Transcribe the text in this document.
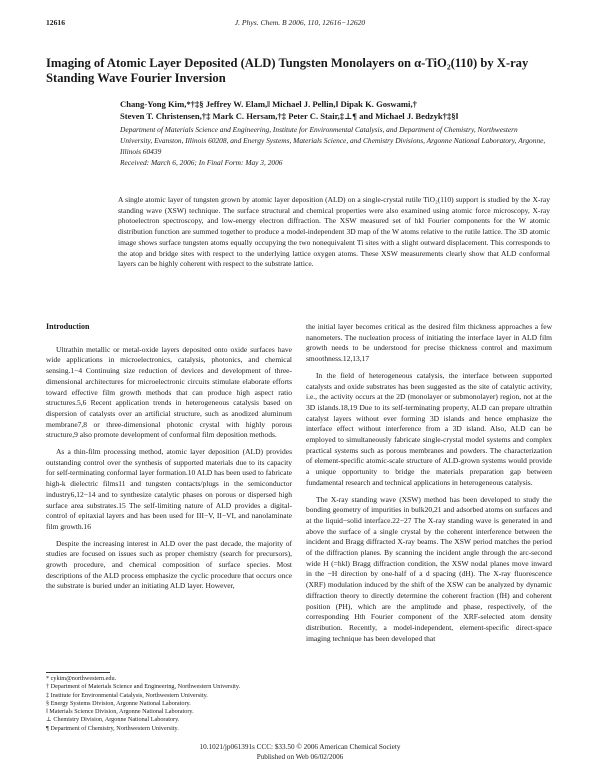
12616	J. Phys. Chem. B 2006, 110, 12616−12620
Imaging of Atomic Layer Deposited (ALD) Tungsten Monolayers on α-TiO₂(110) by X-ray Standing Wave Fourier Inversion
Chang-Yong Kim,*†‡§ Jeffrey W. Elam,‖ Michael J. Pellin,‖ Dipak K. Goswami,†
Steven T. Christensen,†‡ Mark C. Hersam,†‡ Peter C. Stair,‡⊥¶ and Michael J. Bedzyk†‡§‖
Department of Materials Science and Engineering, Institute for Environmental Catalysis, and Department of Chemistry, Northwestern University, Evanston, Illinois 60208, and Energy Systems, Materials Science, and Chemistry Divisions, Argonne National Laboratory, Argonne, Illinois 60439
Received: March 6, 2006; In Final Form: May 3, 2006
A single atomic layer of tungsten grown by atomic layer deposition (ALD) on a single-crystal rutile TiO₂(110) support is studied by the X-ray standing wave (XSW) technique. The surface structural and chemical properties were also examined using atomic force microscopy, X-ray photoelectron spectroscopy, and low-energy electron diffraction. The XSW measured set of hkl Fourier components for the W atomic distribution function are summed together to produce a model-independent 3D map of the W atoms relative to the rutile lattice. The 3D atomic image shows surface tungsten atoms equally occupying the two nonequivalent Ti sites with a slight outward displacement. This corresponds to the atop and bridge sites with respect to the underlying lattice oxygen atoms. These XSW measurements clearly show that ALD conformal layers can be highly coherent with respect to the substrate lattice.
Introduction

Ultrathin metallic or metal-oxide layers deposited onto oxide surfaces have wide applications in microelectronics, catalysis, photonics, and chemical sensing.1−4 Continuing size reduction of devices and development of three-dimensional architectures for microelectronic circuits stimulate elaborate efforts toward effective film growth methods that can produce high aspect ratio structures.5,6 Recent application trends in heterogeneous catalysis based on dispersion of catalysts over an artificial structure, such as anodized aluminum membrane7,8 or three-dimensional photonic crystal with highly porous structure,9 also promote development of conformal film deposition methods.

As a thin-film processing method, atomic layer deposition (ALD) provides outstanding control over the synthesis of supported materials due to its capacity for self-terminating conformal layer formation.10 ALD has been used to fabricate high-k dielectric films11 and tungsten contacts/plugs in the semiconductor industry6,12−14 and to synthesize catalytic phases on porous or dispersed high surface area substrates.15 The self-limiting nature of ALD provides a digital-control of epitaxial layers and has been used for III−V, II−VI, and nanolaminate film growth.16

Despite the increasing interest in ALD over the past decade, the majority of studies are focused on issues such as proper chemistry (search for precursors), growth procedure, and chemical composition of surface species. Most descriptions of the ALD process emphasize the cyclic procedure that occurs once the substrate is buried under an initiating ALD layer. However,

the initial layer becomes critical as the desired film thickness approaches a few nanometers. The nucleation process of initiating the interface layer in ALD film growth needs to be understood for precise thickness control and maximum smoothness.12,13,17

In the field of heterogeneous catalysis, the interface between supported catalysts and oxide substrates has been suggested as the site of catalytic activity, i.e., the activity occurs at the 2D (monolayer or submonolayer) region, not at the 3D islands.18,19 Due to its self-terminating property, ALD can prepare ultrathin catalyst layers without ever forming 3D islands and hence emphasize the interface effect without interference from a 3D island. Also, ALD can be employed to simultaneously fabricate single-crystal model systems and complex practical systems such as porous membranes and powders. The characterization of element-specific atomic-scale structure of ALD-grown systems would provide a unique opportunity to bridge the materials preparation gap between fundamental research and technical applications in heterogeneous catalysis.

The X-ray standing wave (XSW) method has been developed to study the bonding geometry of impurities in bulk20,21 and adsorbed atoms on surfaces and at the liquid−solid interface.22−27 The X-ray standing wave is generated in and above the surface of a single crystal by the coherent interference between the incident and Bragg diffracted X-ray beams. The XSW period matches the period of the diffraction planes. By scanning the incident angle through the arc-second wide H (=hkl) Bragg diffraction condition, the XSW nodal planes move inward in the −H direction by one-half of a d spacing (dH). The X-ray fluorescence (XRF) modulation induced by the shift of the XSW can be analyzed by dynamic diffraction theory to directly determine the coherent fraction (fH) and coherent position (PH), which are the amplitude and phase, respectively, of the corresponding Hth Fourier component of the XRF-selected atom density distribution. Recently, a model-independent, element-specific direct-space imaging technique has been developed that

* cykim@northwestern.edu.
† Department of Materials Science and Engineering, Northwestern University.
‡ Institute for Environmental Catalysis, Northwestern University.
§ Energy Systems Division, Argonne National Laboratory.
‖ Materials Science Division, Argonne National Laboratory.
⊥ Chemistry Division, Argonne National Laboratory.
¶ Department of Chemistry, Northwestern University.
10.1021/jp061391s CCC: $33.50 © 2006 American Chemical Society
Published on Web 06/02/2006
